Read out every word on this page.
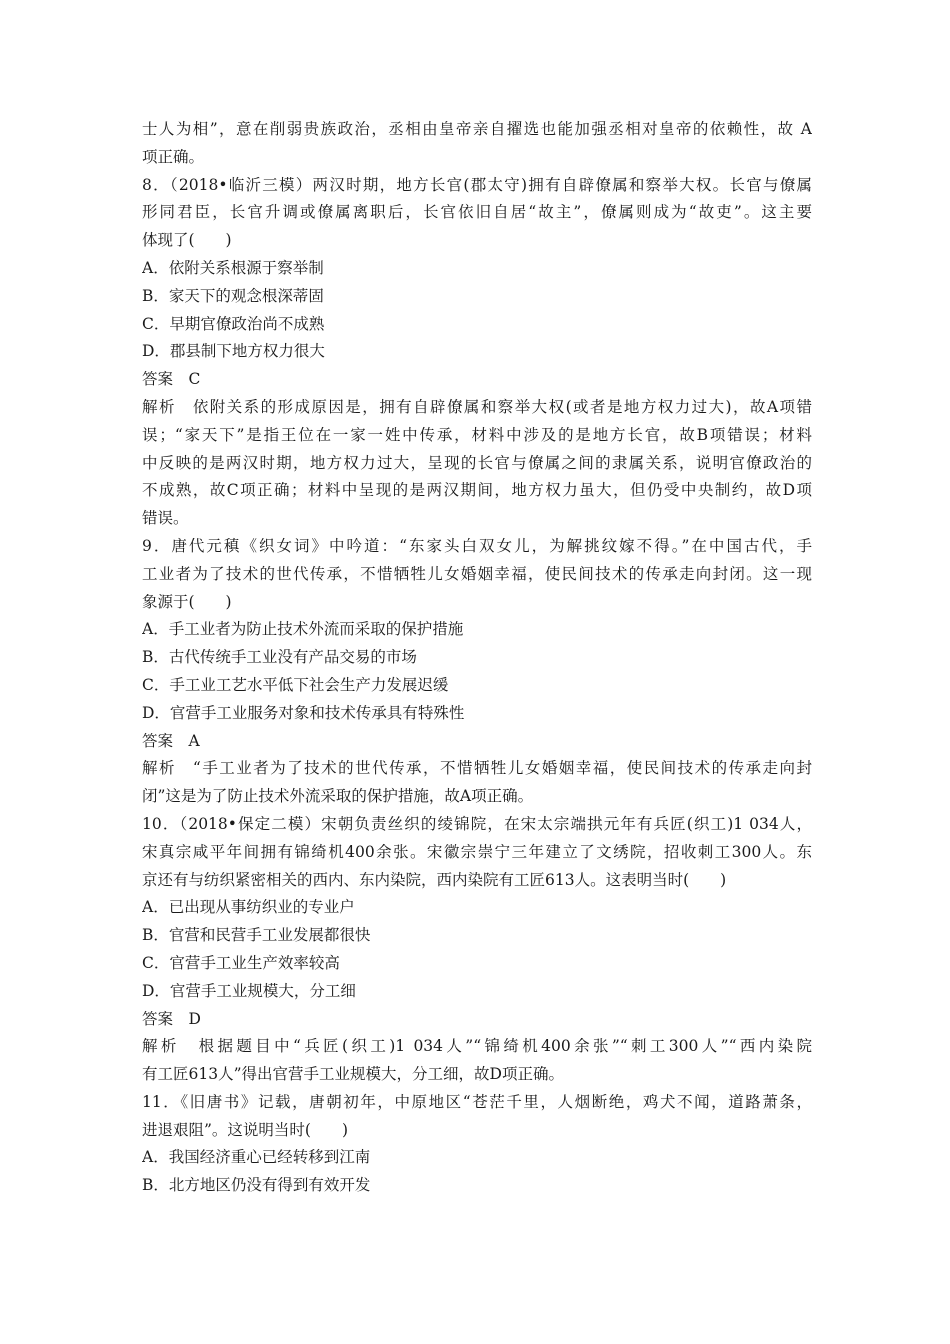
士人为相”，意在削弱贵族政治，丞相由皇帝亲自擢选也能加强丞相对皇帝的依赖性，故 A
项正确。
8．（2018•临沂三模）两汉时期，地方长官(郡太守)拥有自辟僚属和察举大权。长官与僚属
形同君臣，长官升调或僚属离职后，长官依旧自居“故主”，僚属则成为“故吏”。这主要
体现了(　　)
A．依附关系根源于察举制
B．家天下的观念根深蒂固
C．早期官僚政治尚不成熟
D．郡县制下地方权力很大
答案　C
解析　依附关系的形成原因是，拥有自辟僚属和察举大权(或者是地方权力过大)，故A项错
误；“家天下”是指王位在一家一姓中传承，材料中涉及的是地方长官，故B项错误；材料
中反映的是两汉时期，地方权力过大，呈现的长官与僚属之间的隶属关系，说明官僚政治的
不成熟，故C项正确；材料中呈现的是两汉期间，地方权力虽大，但仍受中央制约，故D项
错误。
9．唐代元稹《织女词》中吟道：“东家头白双女儿，为解挑纹嫁不得。”在中国古代，手
工业者为了技术的世代传承，不惜牺牲儿女婚姻幸福，使民间技术的传承走向封闭。这一现
象源于(　　)
A．手工业者为防止技术外流而采取的保护措施
B．古代传统手工业没有产品交易的市场
C．手工业工艺水平低下社会生产力发展迟缓
D．官营手工业服务对象和技术传承具有特殊性
答案　A
解析　“手工业者为了技术的世代传承，不惜牺牲儿女婚姻幸福，使民间技术的传承走向封
闭”这是为了防止技术外流采取的保护措施，故A项正确。
10．（2018•保定二模）宋朝负责丝织的绫锦院，在宋太宗端拱元年有兵匠(织工)1 034人，
宋真宗咸平年间拥有锦绮机400余张。宋徽宗崇宁三年建立了文绣院，招收刺工300人。东
京还有与纺织紧密相关的西内、东内染院，西内染院有工匠613人。这表明当时(　　)
A．已出现从事纺织业的专业户
B．官营和民营手工业发展都很快
C．官营手工业生产效率较高
D．官营手工业规模大，分工细
答案　D
解析　根据题目中“兵匠(织工)1 034人”“锦绮机400余张”“刺工300人”“西内染院
有工匠613人”得出官营手工业规模大，分工细，故D项正确。
11．《旧唐书》记载，唐朝初年，中原地区“苍茫千里，人烟断绝，鸡犬不闻，道路萧条，
进退艰阻”。这说明当时(　　)
A．我国经济重心已经转移到江南
B．北方地区仍没有得到有效开发
